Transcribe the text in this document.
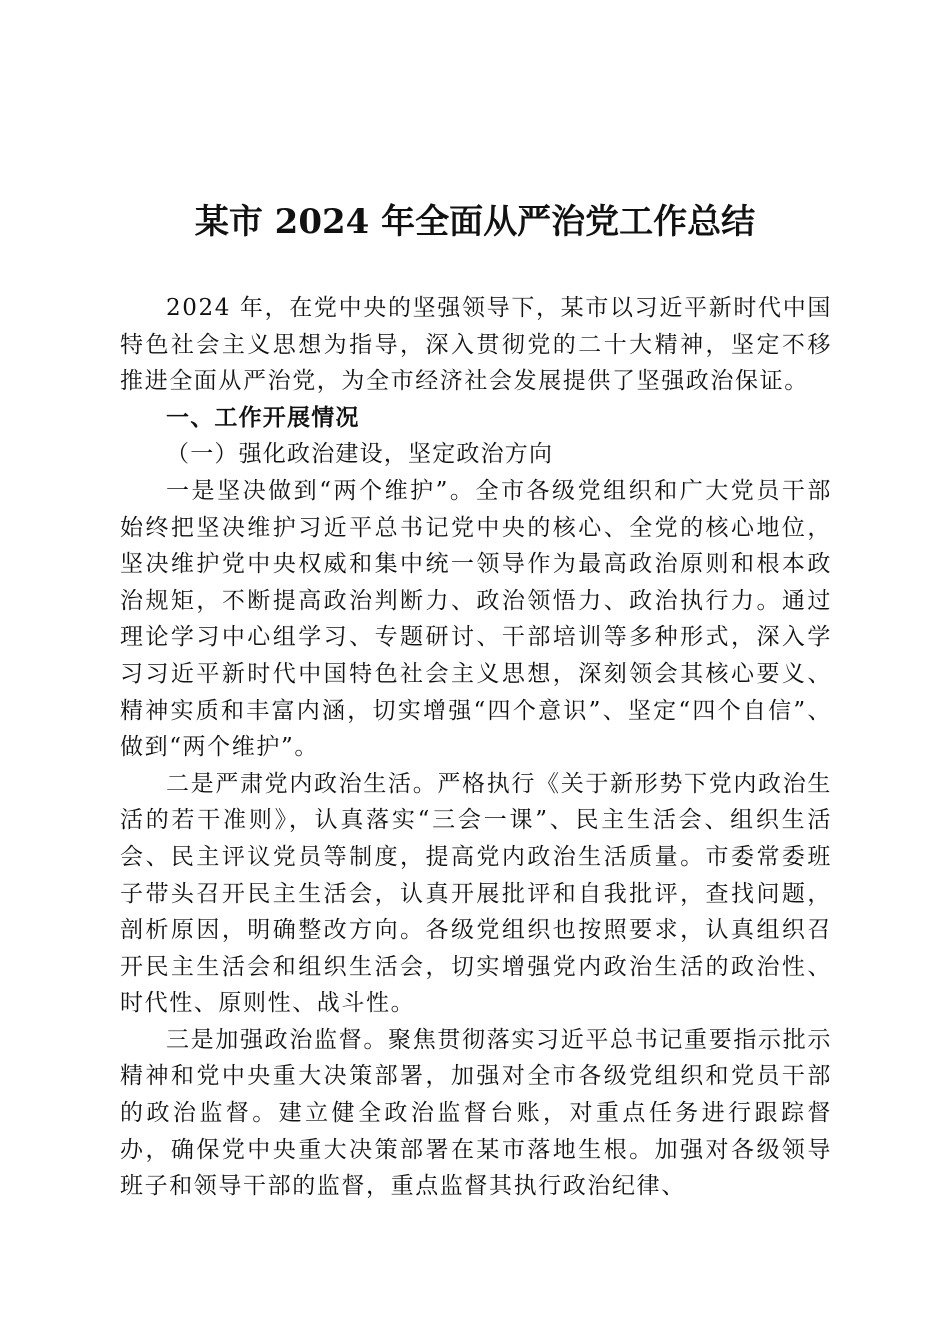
某市 2024 年全面从严治党工作总结

2024 年，在党中央的坚强领导下，某市以习近平新时代中国特色社会主义思想为指导，深入贯彻党的二十大精神，坚定不移推进全面从严治党，为全市经济社会发展提供了坚强政治保证。

一、工作开展情况

（一）强化政治建设，坚定政治方向

一是坚决做到“两个维护”。全市各级党组织和广大党员干部始终把坚决维护习近平总书记党中央的核心、全党的核心地位，坚决维护党中央权威和集中统一领导作为最高政治原则和根本政治规矩，不断提高政治判断力、政治领悟力、政治执行力。通过理论学习中心组学习、专题研讨、干部培训等多种形式，深入学习习近平新时代中国特色社会主义思想，深刻领会其核心要义、精神实质和丰富内涵，切实增强“四个意识”、坚定“四个自信”、做到“两个维护”。

二是严肃党内政治生活。严格执行《关于新形势下党内政治生活的若干准则》，认真落实“三会一课”、民主生活会、组织生活会、民主评议党员等制度，提高党内政治生活质量。市委常委班子带头召开民主生活会，认真开展批评和自我批评，查找问题，剖析原因，明确整改方向。各级党组织也按照要求，认真组织召开民主生活会和组织生活会，切实增强党内政治生活的政治性、时代性、原则性、战斗性。

三是加强政治监督。聚焦贯彻落实习近平总书记重要指示批示精神和党中央重大决策部署，加强对全市各级党组织和党员干部的政治监督。建立健全政治监督台账，对重点任务进行跟踪督办，确保党中央重大决策部署在某市落地生根。加强对各级领导班子和领导干部的监督，重点监督其执行政治纪律、
